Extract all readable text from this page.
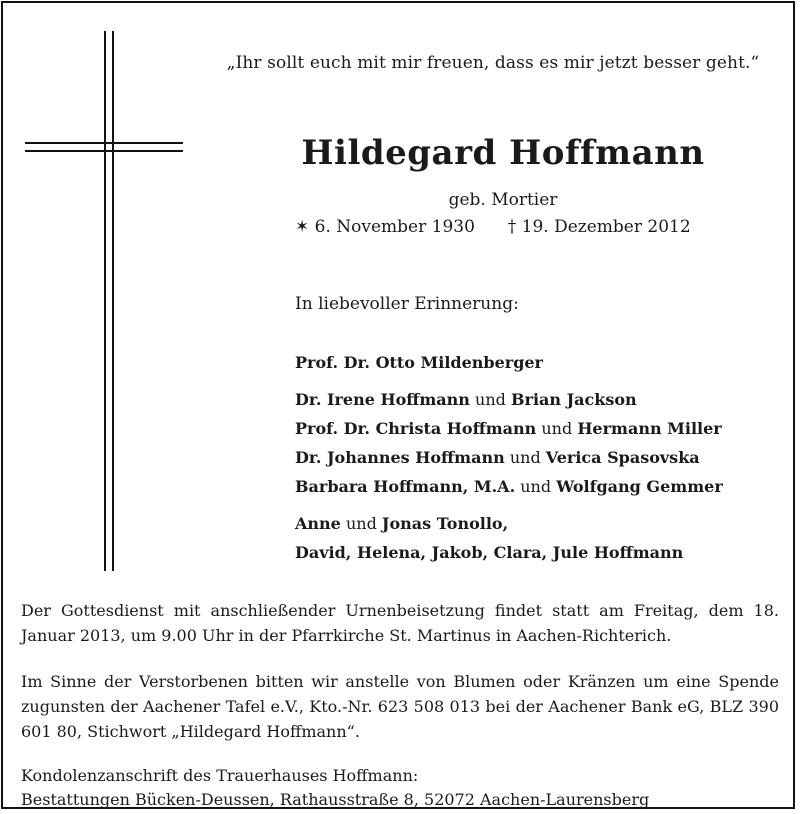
„Ihr sollt euch mit mir freuen, dass es mir jetzt besser geht.“
Hildegard Hoffmann
geb. Mortier
✶ 6. November 1930 † 19. Dezember 2012
In liebevoller Erinnerung:
Prof. Dr. Otto Mildenberger
Dr. Irene Hoffmann und Brian Jackson
Prof. Dr. Christa Hoffmann und Hermann Miller
Dr. Johannes Hoffmann und Verica Spasovska
Barbara Hoffmann, M.A. und Wolfgang Gemmer
Anne und Jonas Tonollo,
David, Helena, Jakob, Clara, Jule Hoffmann
Der Gottesdienst mit anschließender Urnenbeisetzung findet statt am Freitag, dem 18. Januar 2013, um 9.00 Uhr in der Pfarrkirche St. Martinus in Aachen-Richterich.
Im Sinne der Verstorbenen bitten wir anstelle von Blumen oder Kränzen um eine Spende zugunsten der Aachener Tafel e.V., Kto.-Nr. 623 508 013 bei der Aachener Bank eG, BLZ 390 601 80, Stichwort „Hildegard Hoffmann“.
Kondolenzanschrift des Trauerhauses Hoffmann:
Bestattungen Bücken-Deussen, Rathausstraße 8, 52072 Aachen-Laurensberg
